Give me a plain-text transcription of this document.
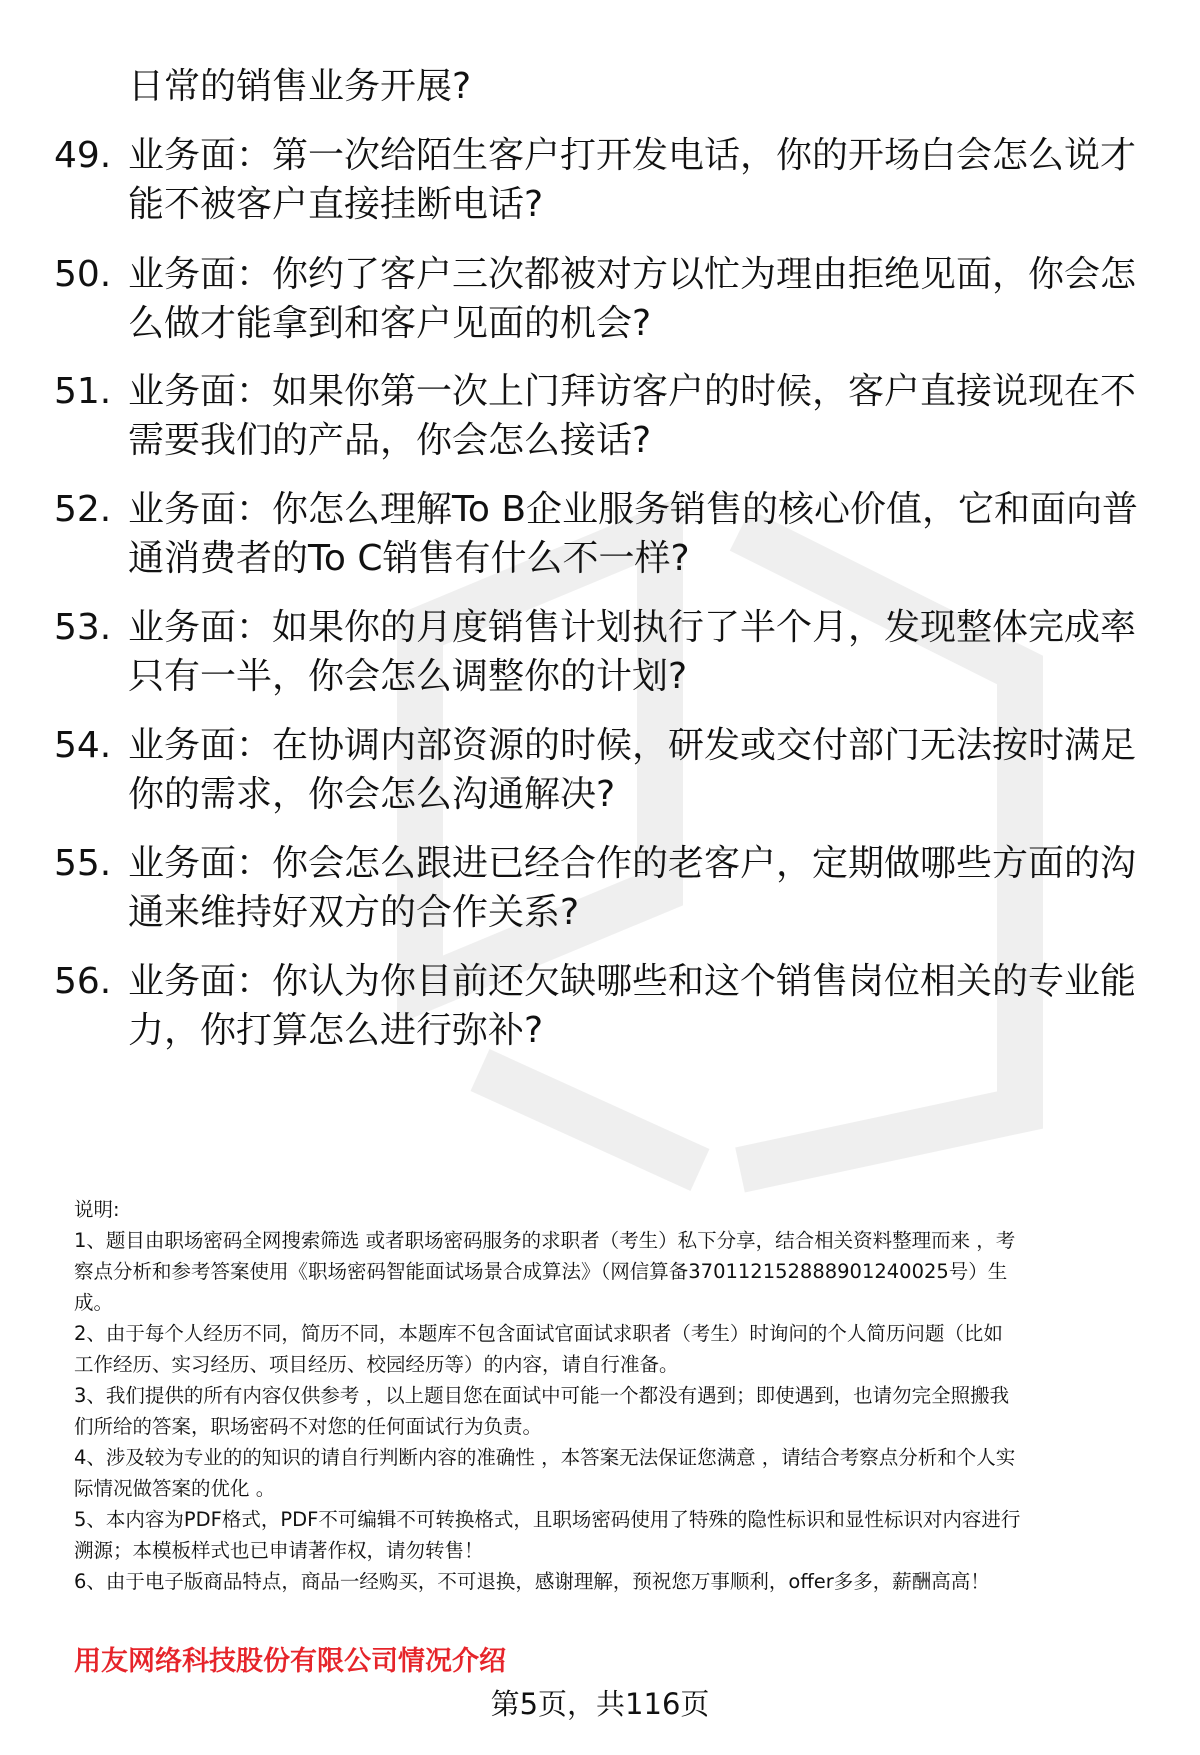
日常的销售业务开展?
49. 业务面：第一次给陌生客户打开发电话，你的开场白会怎么说才
能不被客户直接挂断电话?
50. 业务面：你约了客户三次都被对方以忙为理由拒绝见面，你会怎
么做才能拿到和客户见面的机会?
51. 业务面：如果你第一次上门拜访客户的时候，客户直接说现在不
需要我们的产品，你会怎么接话?
52. 业务面：你怎么理解To B企业服务销售的核心价值，它和面向普
通消费者的To C销售有什么不一样?
53. 业务面：如果你的月度销售计划执行了半个月，发现整体完成率
只有一半，你会怎么调整你的计划?
54. 业务面：在协调内部资源的时候，研发或交付部门无法按时满足
你的需求，你会怎么沟通解决?
55. 业务面：你会怎么跟进已经合作的老客户，定期做哪些方面的沟
通来维持好双方的合作关系?
56. 业务面：你认为你目前还欠缺哪些和这个销售岗位相关的专业能
力，你打算怎么进行弥补?

说明:

1、题目由职场密码全网搜索筛选 或者职场密码服务的求职者（考生）私下分享，结合相关资料整理而来 ，考

察点分析和参考答案使用《职场密码智能面试场景合成算法》（网信算备370112152888901240025号）生

成。

2、由于每个人经历不同，简历不同，本题库不包含面试官面试求职者（考生）时询问的个人简历问题（比如

工作经历、实习经历、项目经历、校园经历等）的内容，请自行准备。

3、我们提供的所有内容仅供参考 ，以上题目您在面试中可能一个都没有遇到；即使遇到，也请勿完全照搬我

们所给的答案，职场密码不对您的任何面试行为负责。

4、涉及较为专业的的知识的请自行判断内容的准确性 ，本答案无法保证您满意 ，请结合考察点分析和个人实

际情况做答案的优化 。

5、本内容为PDF格式，PDF不可编辑不可转换格式，且职场密码使用了特殊的隐性标识和显性标识对内容进行

溯源；本模板样式也已申请著作权，请勿转售！

6、由于电子版商品特点，商品一经购买，不可退换，感谢理解，预祝您万事顺利，offer多多，薪酬高高！

用友网络科技股份有限公司情况介绍
第5页，共116页
